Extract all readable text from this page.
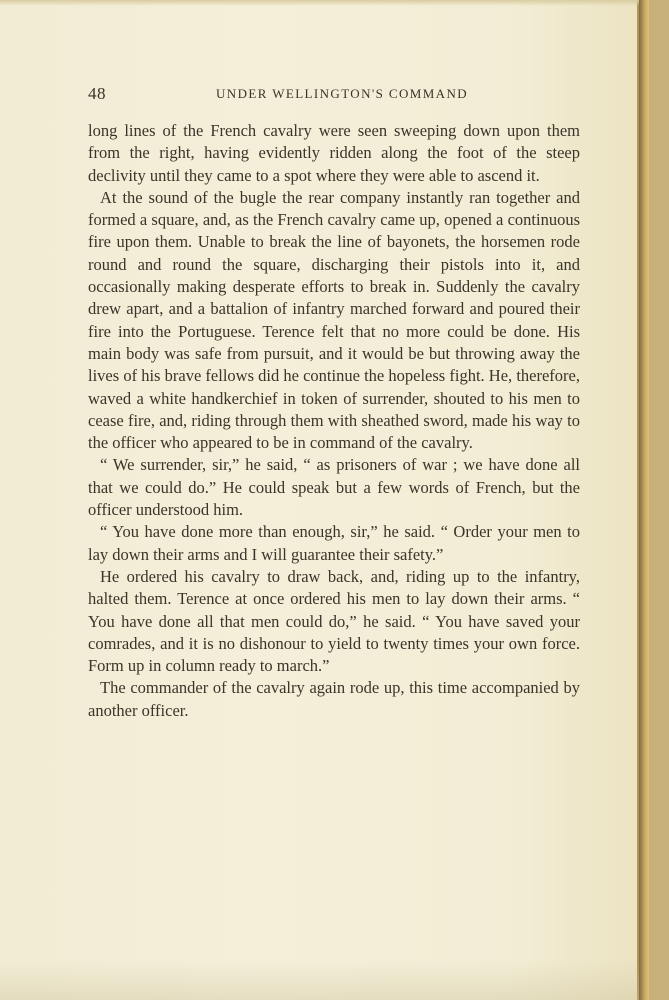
48	UNDER WELLINGTON'S COMMAND

long lines of the French cavalry were seen sweeping down upon them from the right, having evidently ridden along the foot of the steep declivity until they came to a spot where they were able to ascend it.

At the sound of the bugle the rear company instantly ran together and formed a square, and, as the French cavalry came up, opened a continuous fire upon them. Unable to break the line of bayonets, the horsemen rode round and round the square, discharging their pistols into it, and occasionally making desperate efforts to break in. Suddenly the cavalry drew apart, and a battalion of infantry marched forward and poured their fire into the Portuguese. Terence felt that no more could be done. His main body was safe from pursuit, and it would be but throwing away the lives of his brave fellows did he continue the hopeless fight. He, therefore, waved a white handkerchief in token of surrender, shouted to his men to cease fire, and, riding through them with sheathed sword, made his way to the officer who appeared to be in command of the cavalry.

“ We surrender, sir,” he said, “ as prisoners of war ; we have done all that we could do.” He could speak but a few words of French, but the officer understood him.

“ You have done more than enough, sir,” he said. “ Order your men to lay down their arms and I will guarantee their safety.”

He ordered his cavalry to draw back, and, riding up to the infantry, halted them. Terence at once ordered his men to lay down their arms. “ You have done all that men could do,” he said. “ You have saved your comrades, and it is no dishonour to yield to twenty times your own force. Form up in column ready to march.”

The commander of the cavalry again rode up, this time accompanied by another officer.
